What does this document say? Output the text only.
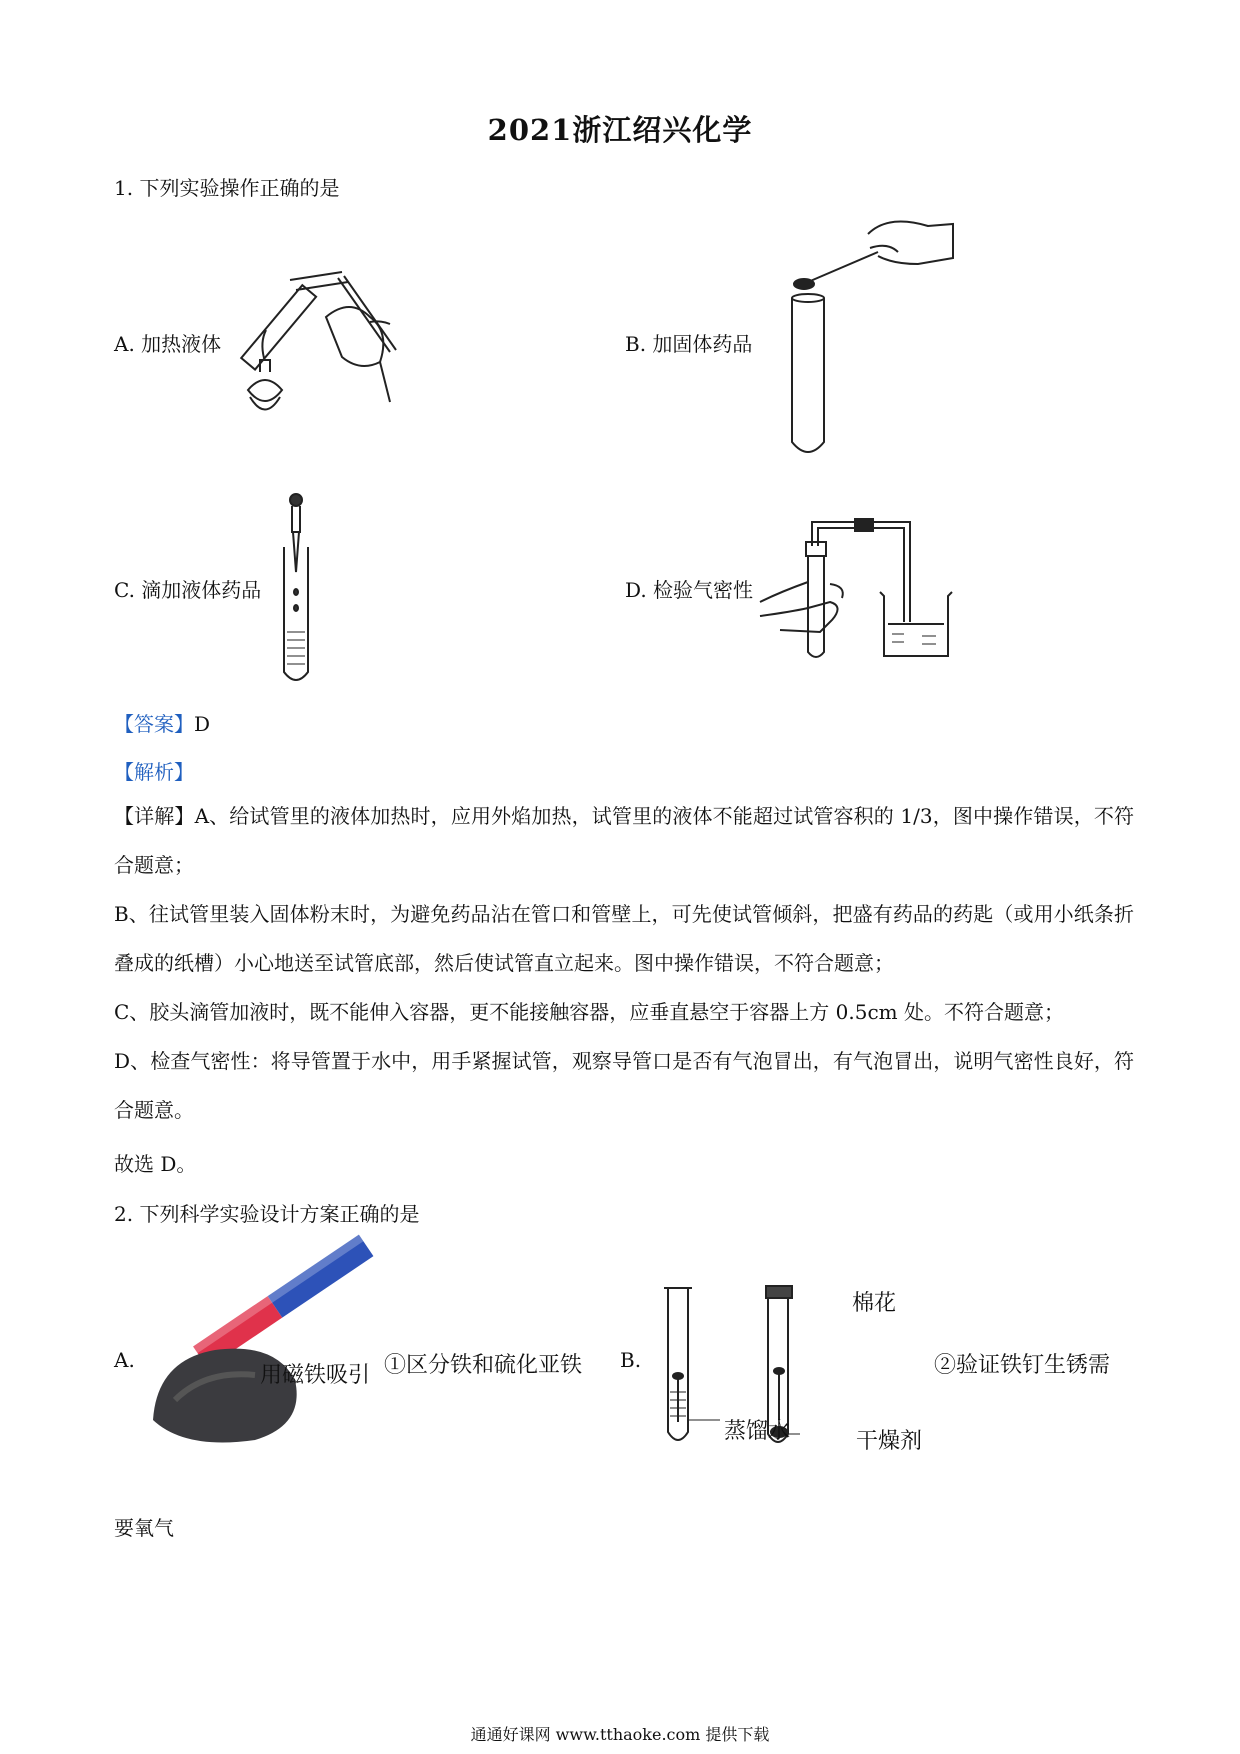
2021浙江绍兴化学
1. 下列实验操作正确的是
A. 加热液体	B. 加固体药品
C. 滴加液体药品	D. 检验气密性
【答案】D
【解析】
【详解】A、给试管里的液体加热时，应用外焰加热，试管里的液体不能超过试管容积的 1/3，图中操作错误，不符合题意；
B、往试管里装入固体粉末时，为避免药品沾在管口和管壁上，可先使试管倾斜，把盛有药品的药匙（或用小纸条折叠成的纸槽）小心地送至试管底部，然后使试管直立起来。图中操作错误，不符合题意；
C、胶头滴管加液时，既不能伸入容器，更不能接触容器，应垂直悬空于容器上方 0.5cm 处。不符合题意；
D、检查气密性：将导管置于水中，用手紧握试管，观察导管口是否有气泡冒出，有气泡冒出，说明气密性良好，符合题意。
故选 D。
2. 下列科学实验设计方案正确的是
A.
用磁铁吸引 ①区分铁和硫化亚铁 B.
棉花
蒸馏水	干燥剂
②验证铁钉生锈需
要氧气
通通好课网 www.tthaoke.com 提供下载
